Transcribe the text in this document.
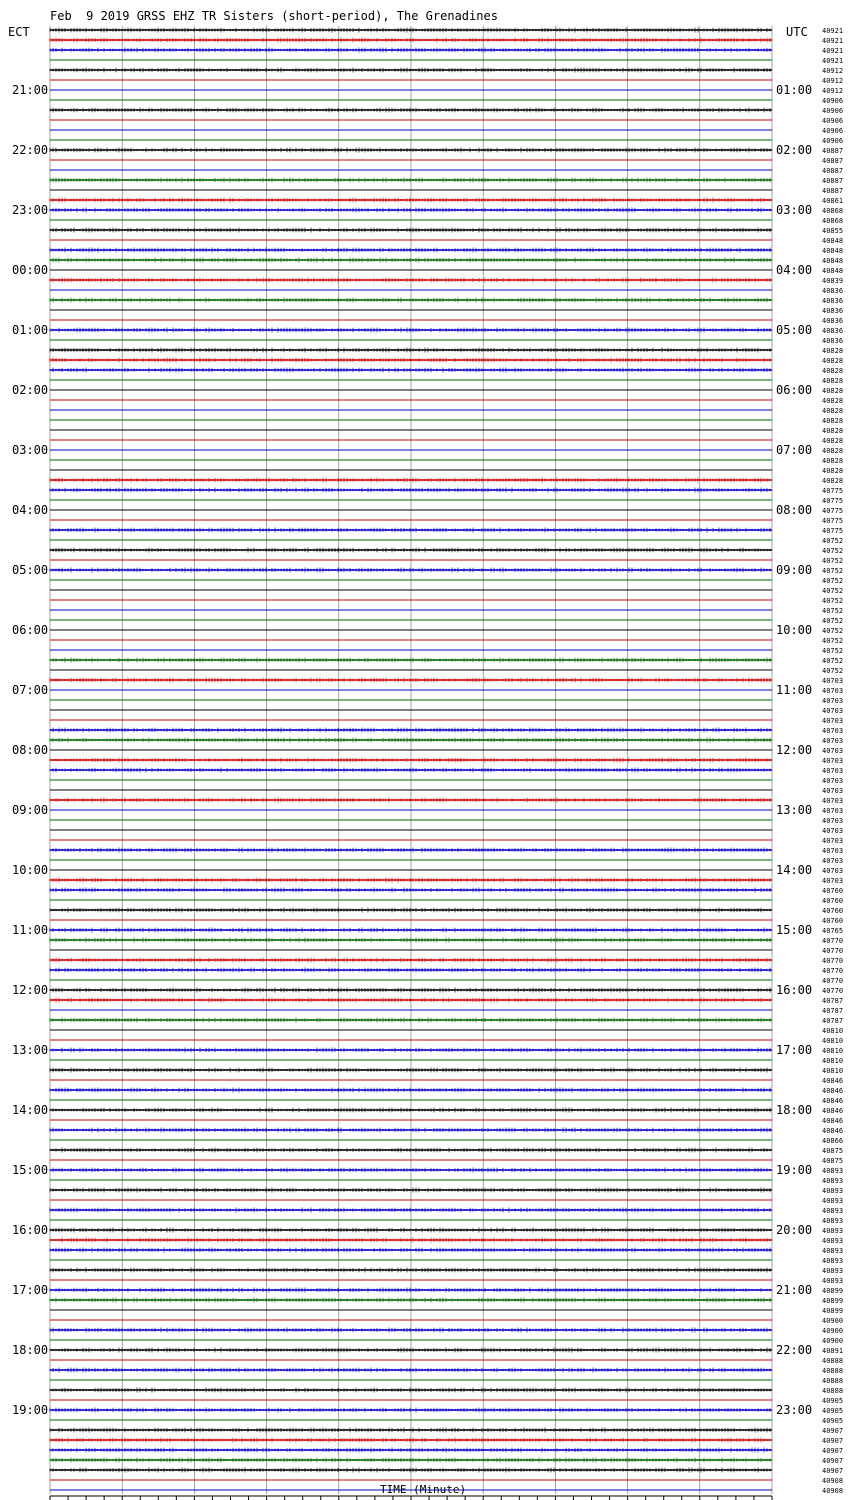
21:00
22:00
23:00
00:00
01:00
02:00
03:00
04:00
05:00
06:00
07:00
08:00
09:00
10:00
11:00
12:00
13:00
14:00
15:00
16:00
17:00
18:00
19:00
01:00
02:00
03:00
04:00
05:00
06:00
07:00
08:00
09:00
10:00
11:00
12:00
13:00
14:00
15:00
16:00
17:00
18:00
19:00
20:00
21:00
22:00
23:00
40921
40921
40921
40921
40912
40912
40912
40906
40906
40906
40906
40906
40887
40887
40887
40887
40887
40861
40868
40868
40855
40848
40848
40848
40848
40839
40836
40836
40836
40836
40836
40836
40828
40828
40828
40828
40828
40828
40828
40828
40828
40828
40828
40828
40828
40828
40775
40775
40775
40775
40775
40752
40752
40752
40752
40752
40752
40752
40752
40752
40752
40752
40752
40752
40752
40703
40703
40703
40703
40703
40703
40703
40703
40703
40703
40703
40703
40703
40703
40703
40703
40703
40703
40703
40703
40703
40760
40760
40760
40760
40765
40770
40770
40770
40770
40770
40770
40787
40787
40787
40810
40810
40810
40810
40810
40846
40846
40846
40846
40846
40846
40866
40875
40875
40893
40893
40893
40893
40893
40893
40893
40893
40893
40893
40893
40893
40899
40899
40899
40900
40900
40900
40891
40888
40888
40888
40888
40905
40905
40905
40907
40907
40907
40907
40907
40908
40908
Feb  9 2019 GRSS EHZ TR Sisters (short-period), The Grenadines
ECT	UTC
TIME (Minute)
